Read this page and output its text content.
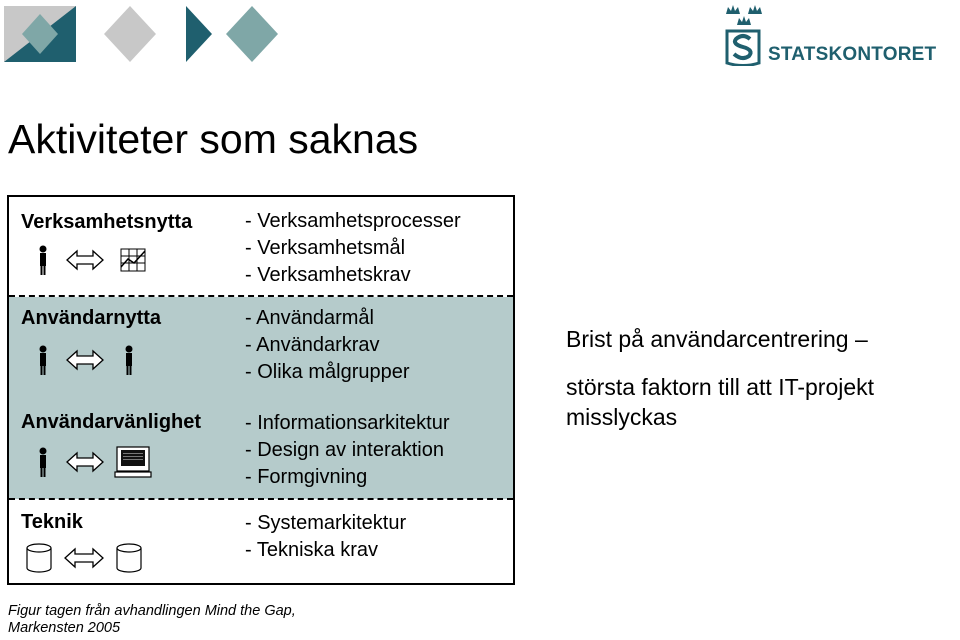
STATSKONTORET
Aktiviteter som saknas
Verksamhetsnytta	- Verksamhetsprocesser
- Verksamhetsmål
- Verksamhetskrav
Användarnytta	- Användarmål
- Användarkrav
- Olika målgrupper
Användarvänlighet - Informationsarkitektur
- Design av interaktion
- Formgivning
Teknik	- Systemarkitektur
- Tekniska krav
Brist på användarcentrering –
största faktorn till att IT-projekt
misslyckas
Figur tagen från avhandlingen Mind the Gap,
Markensten 2005
